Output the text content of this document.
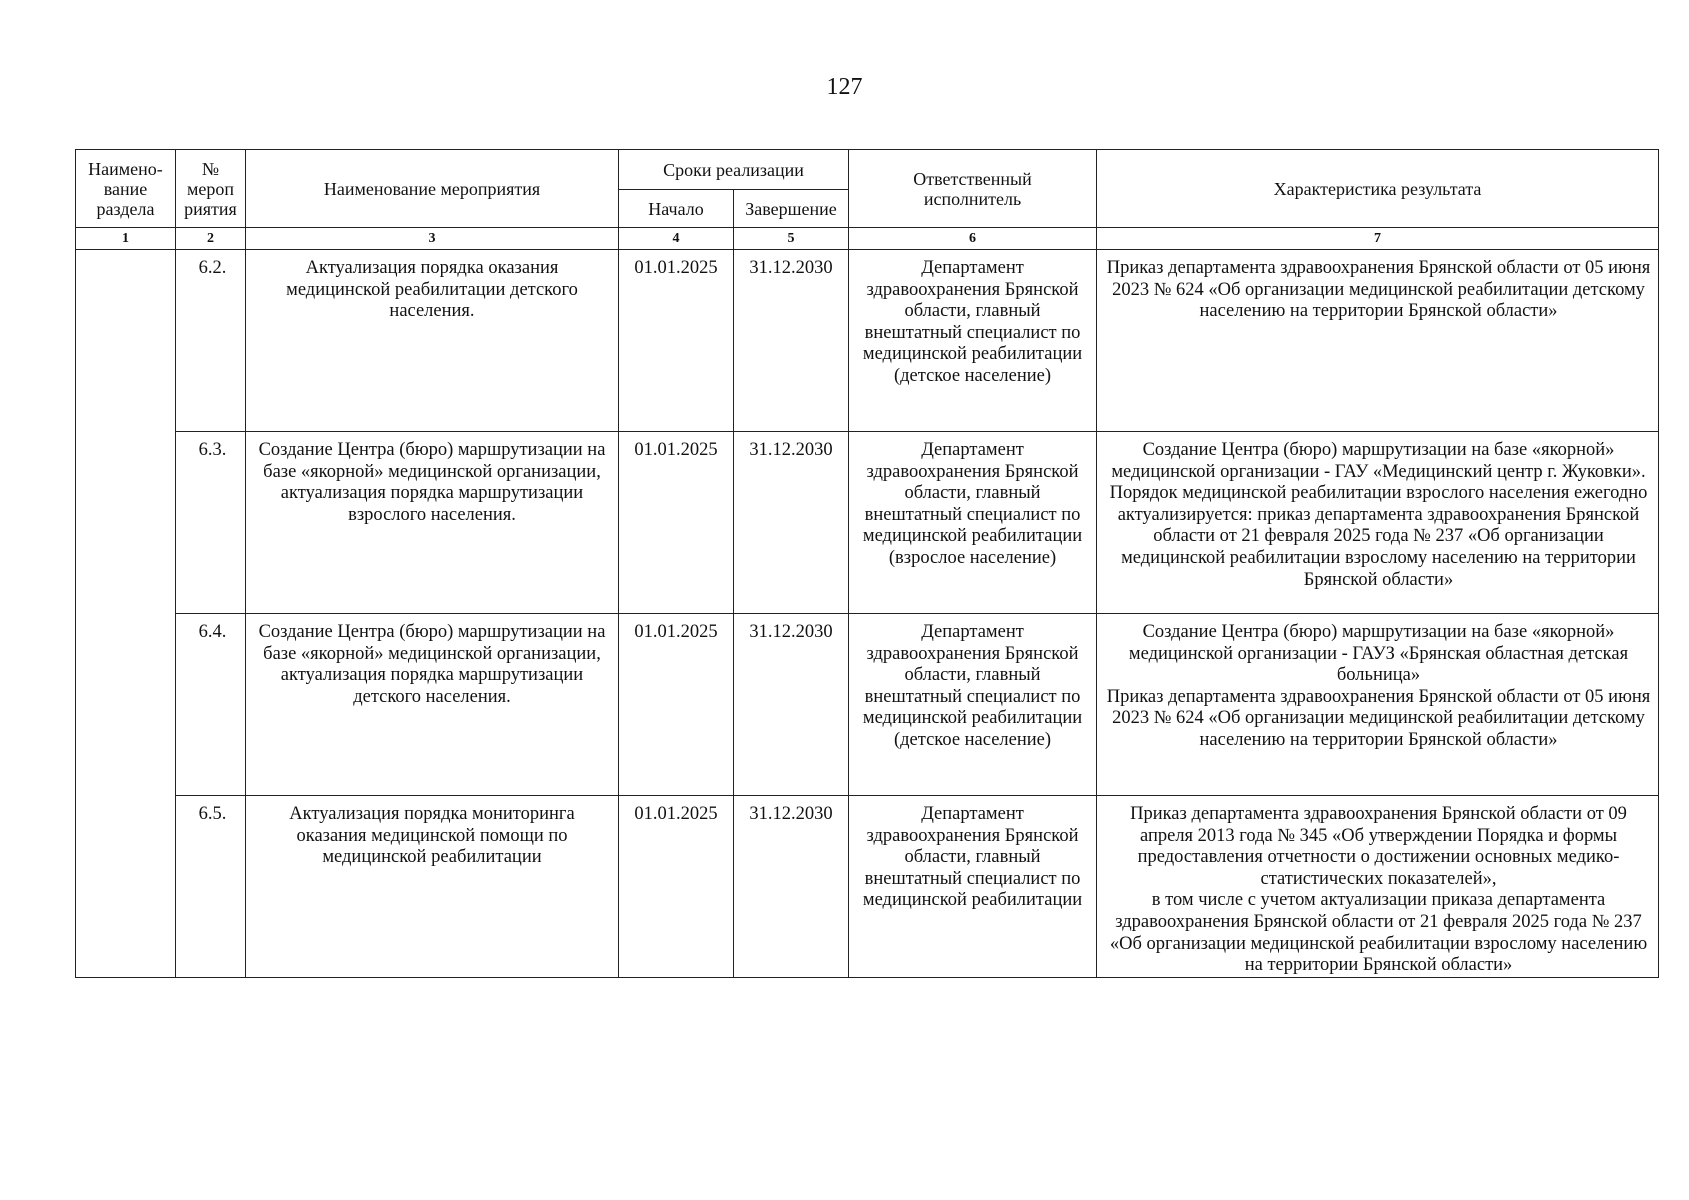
127
Наимено-
вание
раздела	№
мероп
риятия	Наименование мероприятия	Сроки реализации		Ответственный исполнитель	Характеристика результата
			Начало	Завершение		
1	2	3	4	5	6	7
	6.2.	Актуализация порядка оказания медицинской реабилитации детского населения.	01.01.2025	31.12.2030	Департамент здравоохранения Брянской области, главный внештатный специалист по медицинской реабилитации (детское население)	Приказ департамента здравоохранения Брянской области от 05 июня 2023 № 624 «Об организации медицинской реабилитации детскому населению на территории Брянской области»
	6.3.	Создание Центра (бюро) маршрутизации на базе «якорной» медицинской организации, актуализация порядка маршрутизации взрослого населения.	01.01.2025	31.12.2030	Департамент здравоохранения Брянской области, главный внештатный специалист по медицинской реабилитации (взрослое население)	Создание Центра (бюро) маршрутизации на базе «якорной» медицинской организации - ГАУ «Медицинский центр г. Жуковки».
Порядок медицинской реабилитации взрослого населения ежегодно актуализируется: приказ департамента здравоохранения Брянской области от 21 февраля 2025 года № 237 «Об организации медицинской реабилитации взрослому населению на территории Брянской области»
	6.4.	Создание Центра (бюро) маршрутизации на базе «якорной» медицинской организации, актуализация порядка маршрутизации детского населения.	01.01.2025	31.12.2030	Департамент здравоохранения Брянской области, главный внештатный специалист по медицинской реабилитации (детское население)	Создание Центра (бюро) маршрутизации на базе «якорной» медицинской организации - ГАУЗ «Брянская областная детская больница»
Приказ департамента здравоохранения Брянской области от 05 июня 2023 № 624 «Об организации медицинской реабилитации детскому населению на территории Брянской области»
	6.5.	Актуализация порядка мониторинга оказания медицинской помощи по медицинской реабилитации	01.01.2025	31.12.2030	Департамент здравоохранения Брянской области, главный внештатный специалист по медицинской реабилитации	Приказ департамента здравоохранения Брянской области от 09 апреля 2013 года № 345 «Об утверждении Порядка и формы предоставления отчетности о достижении основных медико-статистических показателей»,
в том числе с учетом актуализации приказа департамента здравоохранения Брянской области от 21 февраля 2025 года № 237 «Об организации медицинской реабилитации взрослому населению на территории Брянской области»
